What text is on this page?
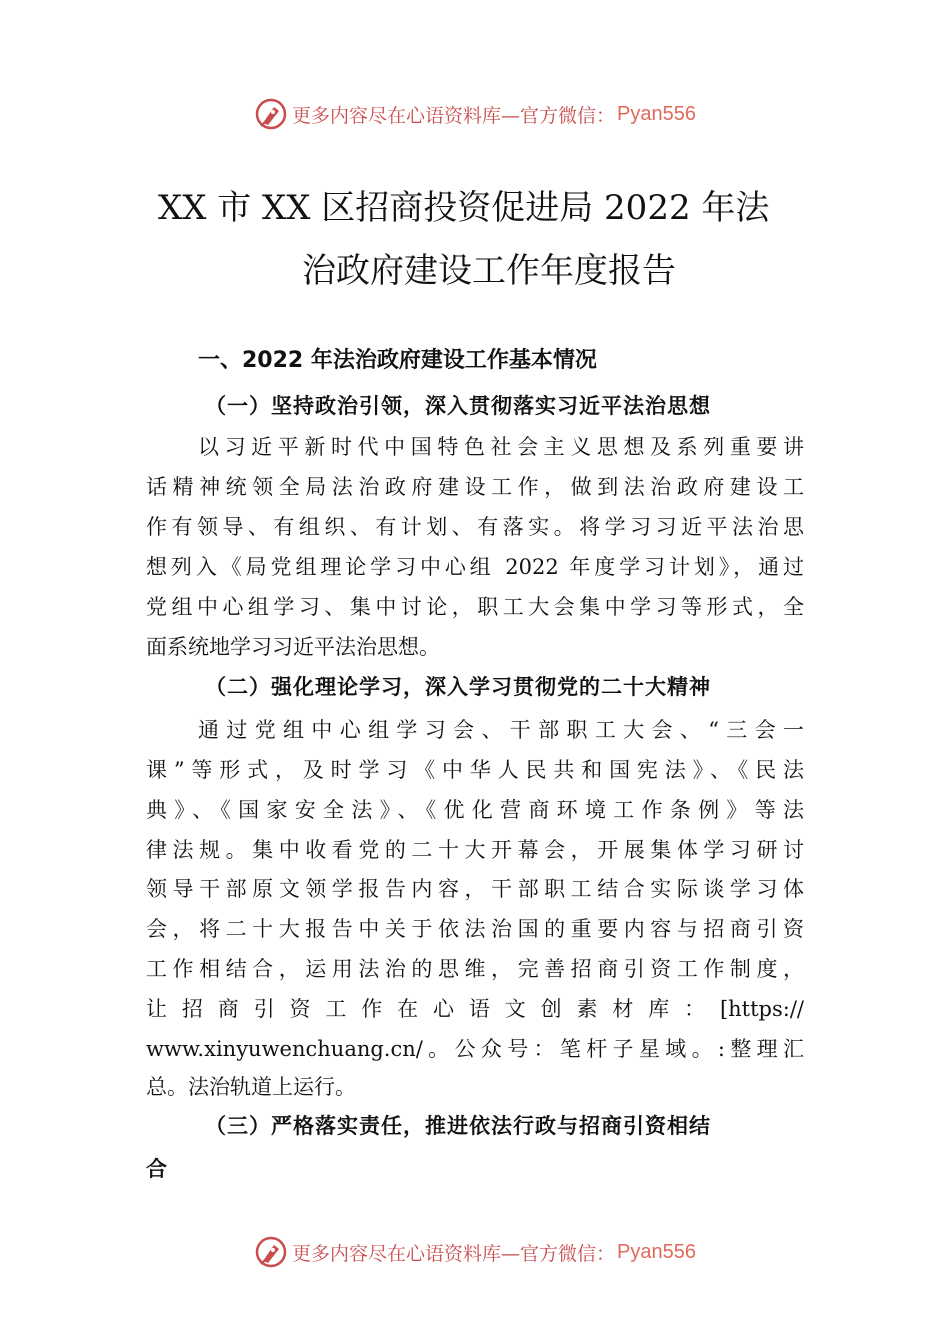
更多内容尽在心语资料库—官方微信： Pyan556
XX 市 XX 区招商投资促进局 2022 年法
治政府建设工作年度报告
一、2022 年法治政府建设工作基本情况
（一）坚持政治引领，深入贯彻落实习近平法治思想
以习近平新时代中国特色社会主义思想及系列重要讲
话精神统领全局法治政府建设工作，做到法治政府建设工
作有领导、有组织、有计划、有落实。将学习习近平法治思
想列入《局党组理论学习中心组 2022 年度学习计划》，通过
党组中心组学习、集中讨论，职工大会集中学习等形式，全
面系统地学习习近平法治思想。
（二）强化理论学习，深入学习贯彻党的二十大精神
通过党组中心组学习会、干部职工大会、“三会一
课”等形式，及时学习《中华人民共和国宪法》、《民法
典》、《国家安全法》、《优化营商环境工作条例》等法
律法规。集中收看党的二十大开幕会，开展集体学习研讨
领导干部原文领学报告内容，干部职工结合实际谈学习体
会，将二十大报告中关于依法治国的重要内容与招商引资
工作相结合，运用法治的思维，完善招商引资工作制度，
让招商引资工作在心语文创素材库：[https://
www.xinyuwenchuang.cn/。公众号：笔杆子星域。:整理汇
总。法治轨道上运行。
（三）严格落实责任，推进依法行政与招商引资相结
合
更多内容尽在心语资料库—官方微信： Pyan556
